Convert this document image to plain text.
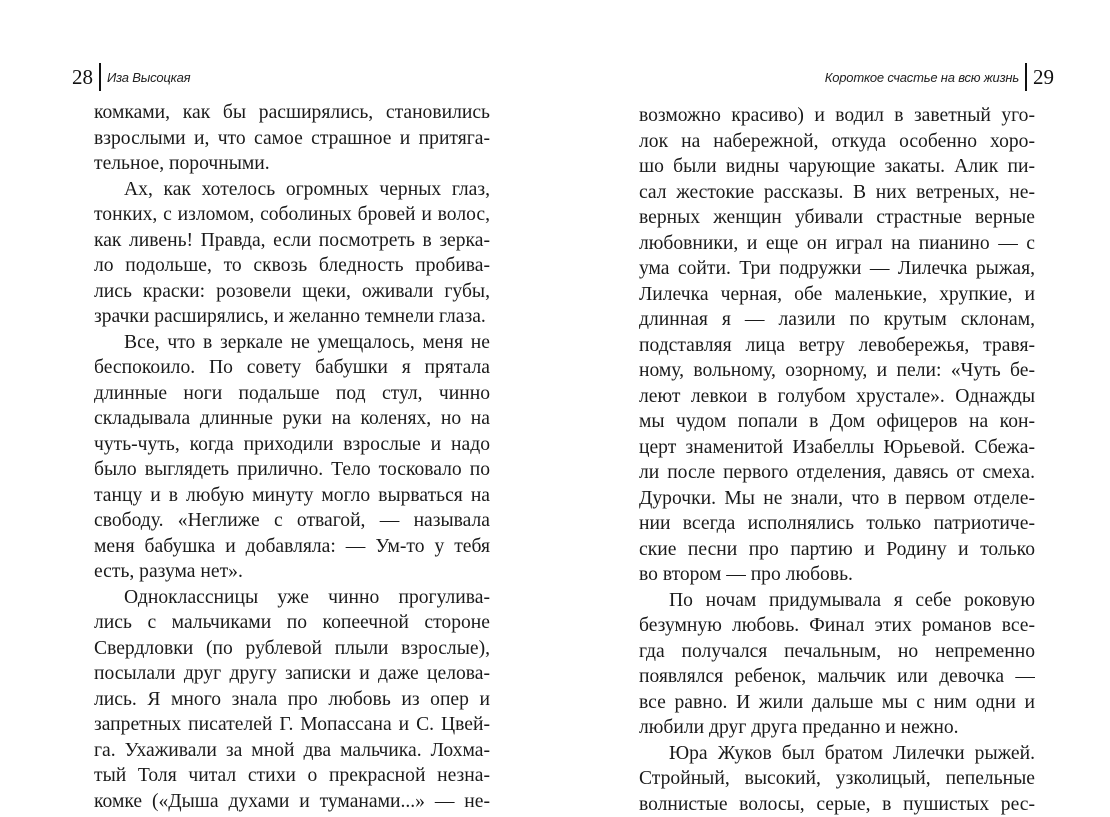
28 Иза Высоцкая
комками, как бы расширялись, становились
взрослыми и, что самое страшное и притяга-
тельное, порочными.
Ах, как хотелось огромных черных глаз,
тонких, с изломом, соболиных бровей и волос,
как ливень! Правда, если посмотреть в зерка-
ло подольше, то сквозь бледность пробива-
лись краски: розовели щеки, оживали губы,
зрачки расширялись, и желанно темнели глаза.
Все, что в зеркале не умещалось, меня не
беспокоило. По совету бабушки я прятала
длинные ноги подальше под стул, чинно
складывала длинные руки на коленях, но на
чуть-чуть, когда приходили взрослые и надо
было выглядеть прилично. Тело тосковало по
танцу и в любую минуту могло вырваться на
свободу. «Неглиже с отвагой, — называла
меня бабушка и добавляла: — Ум-то у тебя
есть, разума нет».
Одноклассницы уже чинно прогулива-
лись с мальчиками по копеечной стороне
Свердловки (по рублевой плыли взрослые),
посылали друг другу записки и даже целова-
лись. Я много знала про любовь из опер и
запретных писателей Г. Мопассана и С. Цвей-
га. Ухаживали за мной два мальчика. Лохма-
тый Толя читал стихи о прекрасной незна-
комке («Дыша духами и туманами...» — не-
Короткое счастье на всю жизнь 29
возможно красиво) и водил в заветный уго-
лок на набережной, откуда особенно хоро-
шо были видны чарующие закаты. Алик пи-
сал жестокие рассказы. В них ветреных, не-
верных женщин убивали страстные верные
любовники, и еще он играл на пианино — с
ума сойти. Три подружки — Лилечка рыжая,
Лилечка черная, обе маленькие, хрупкие, и
длинная я — лазили по крутым склонам,
подставляя лица ветру левобережья, травя-
ному, вольному, озорному, и пели: «Чуть бе-
леют левкои в голубом хрустале». Однажды
мы чудом попали в Дом офицеров на кон-
церт знаменитой Изабеллы Юрьевой. Сбежа-
ли после первого отделения, давясь от смеха.
Дурочки. Мы не знали, что в первом отделе-
нии всегда исполнялись только патриотиче-
ские песни про партию и Родину и только
во втором — про любовь.
По ночам придумывала я себе роковую
безумную любовь. Финал этих романов все-
гда получался печальным, но непременно
появлялся ребенок, мальчик или девочка —
все равно. И жили дальше мы с ним одни и
любили друг друга преданно и нежно.
Юра Жуков был братом Лилечки рыжей.
Стройный, высокий, узколицый, пепельные
волнистые волосы, серые, в пушистых рес-
